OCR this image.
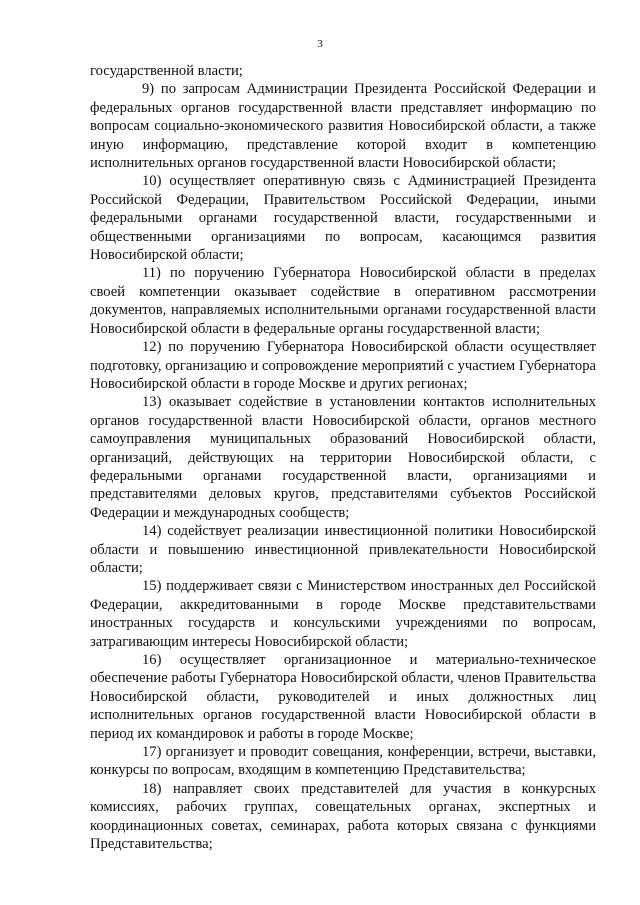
3

государственной власти;

9) по запросам Администрации Президента Российской Федерации и федеральных органов государственной власти представляет информацию по вопросам социально-экономического развития Новосибирской области, а также иную информацию, представление которой входит в компетенцию исполнительных органов государственной власти Новосибирской области;

10) осуществляет оперативную связь с Администрацией Президента Российской Федерации, Правительством Российской Федерации, иными федеральными органами государственной власти, государственными и общественными организациями по вопросам, касающимся развития Новосибирской области;

11) по поручению Губернатора Новосибирской области в пределах своей компетенции оказывает содействие в оперативном рассмотрении документов, направляемых исполнительными органами государственной власти Новосибирской области в федеральные органы государственной власти;

12) по поручению Губернатора Новосибирской области осуществляет подготовку, организацию и сопровождение мероприятий с участием Губернатора Новосибирской области в городе Москве и других регионах;

13) оказывает содействие в установлении контактов исполнительных органов государственной власти Новосибирской области, органов местного самоуправления муниципальных образований Новосибирской области, организаций, действующих на территории Новосибирской области, с федеральными органами государственной власти, организациями и представителями деловых кругов, представителями субъектов Российской Федерации и международных сообществ;

14) содействует реализации инвестиционной политики Новосибирской области и повышению инвестиционной привлекательности Новосибирской области;

15) поддерживает связи с Министерством иностранных дел Российской Федерации, аккредитованными в городе Москве представительствами иностранных государств и консульскими учреждениями по вопросам, затрагивающим интересы Новосибирской области;

16) осуществляет организационное и материально-техническое обеспечение работы Губернатора Новосибирской области, членов Правительства Новосибирской области, руководителей и иных должностных лиц исполнительных органов государственной власти Новосибирской области в период их командировок и работы в городе Москве;

17) организует и проводит совещания, конференции, встречи, выставки, конкурсы по вопросам, входящим в компетенцию Представительства;

18) направляет своих представителей для участия в конкурсных комиссиях, рабочих группах, совещательных органах, экспертных и координационных советах, семинарах, работа которых связана с функциями Представительства;
